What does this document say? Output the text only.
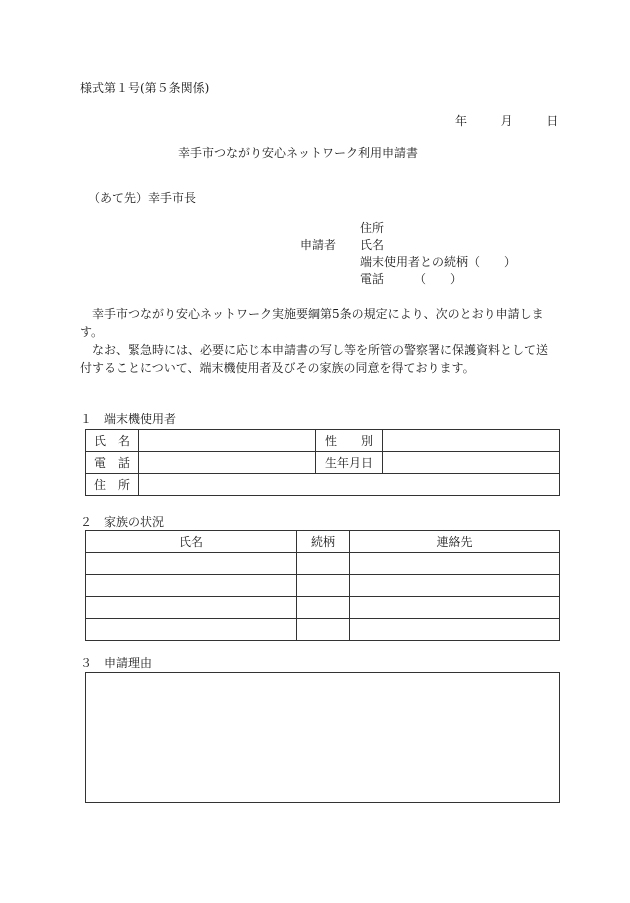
様式第１号(第５条関係)
年	月	日
幸手市つながり安心ネットワーク利用申請書
（あて先）幸手市長
申請者
住所
氏名
端末使用者との続柄（　　）
電話　　　（　　）

幸手市つながり安心ネットワーク実施要綱第5条の規定により、次のとおり申請します。

なお、緊急時には、必要に応じ本申請書の写し等を所管の警察署に保護資料として送付することについて、端末機使用者及びその家族の同意を得ております。

１　端末機使用者
氏　名		性　　別	
電　話		生年月日	
住　所			
２　家族の状況
氏名	続柄	連絡先

３　申請理由
